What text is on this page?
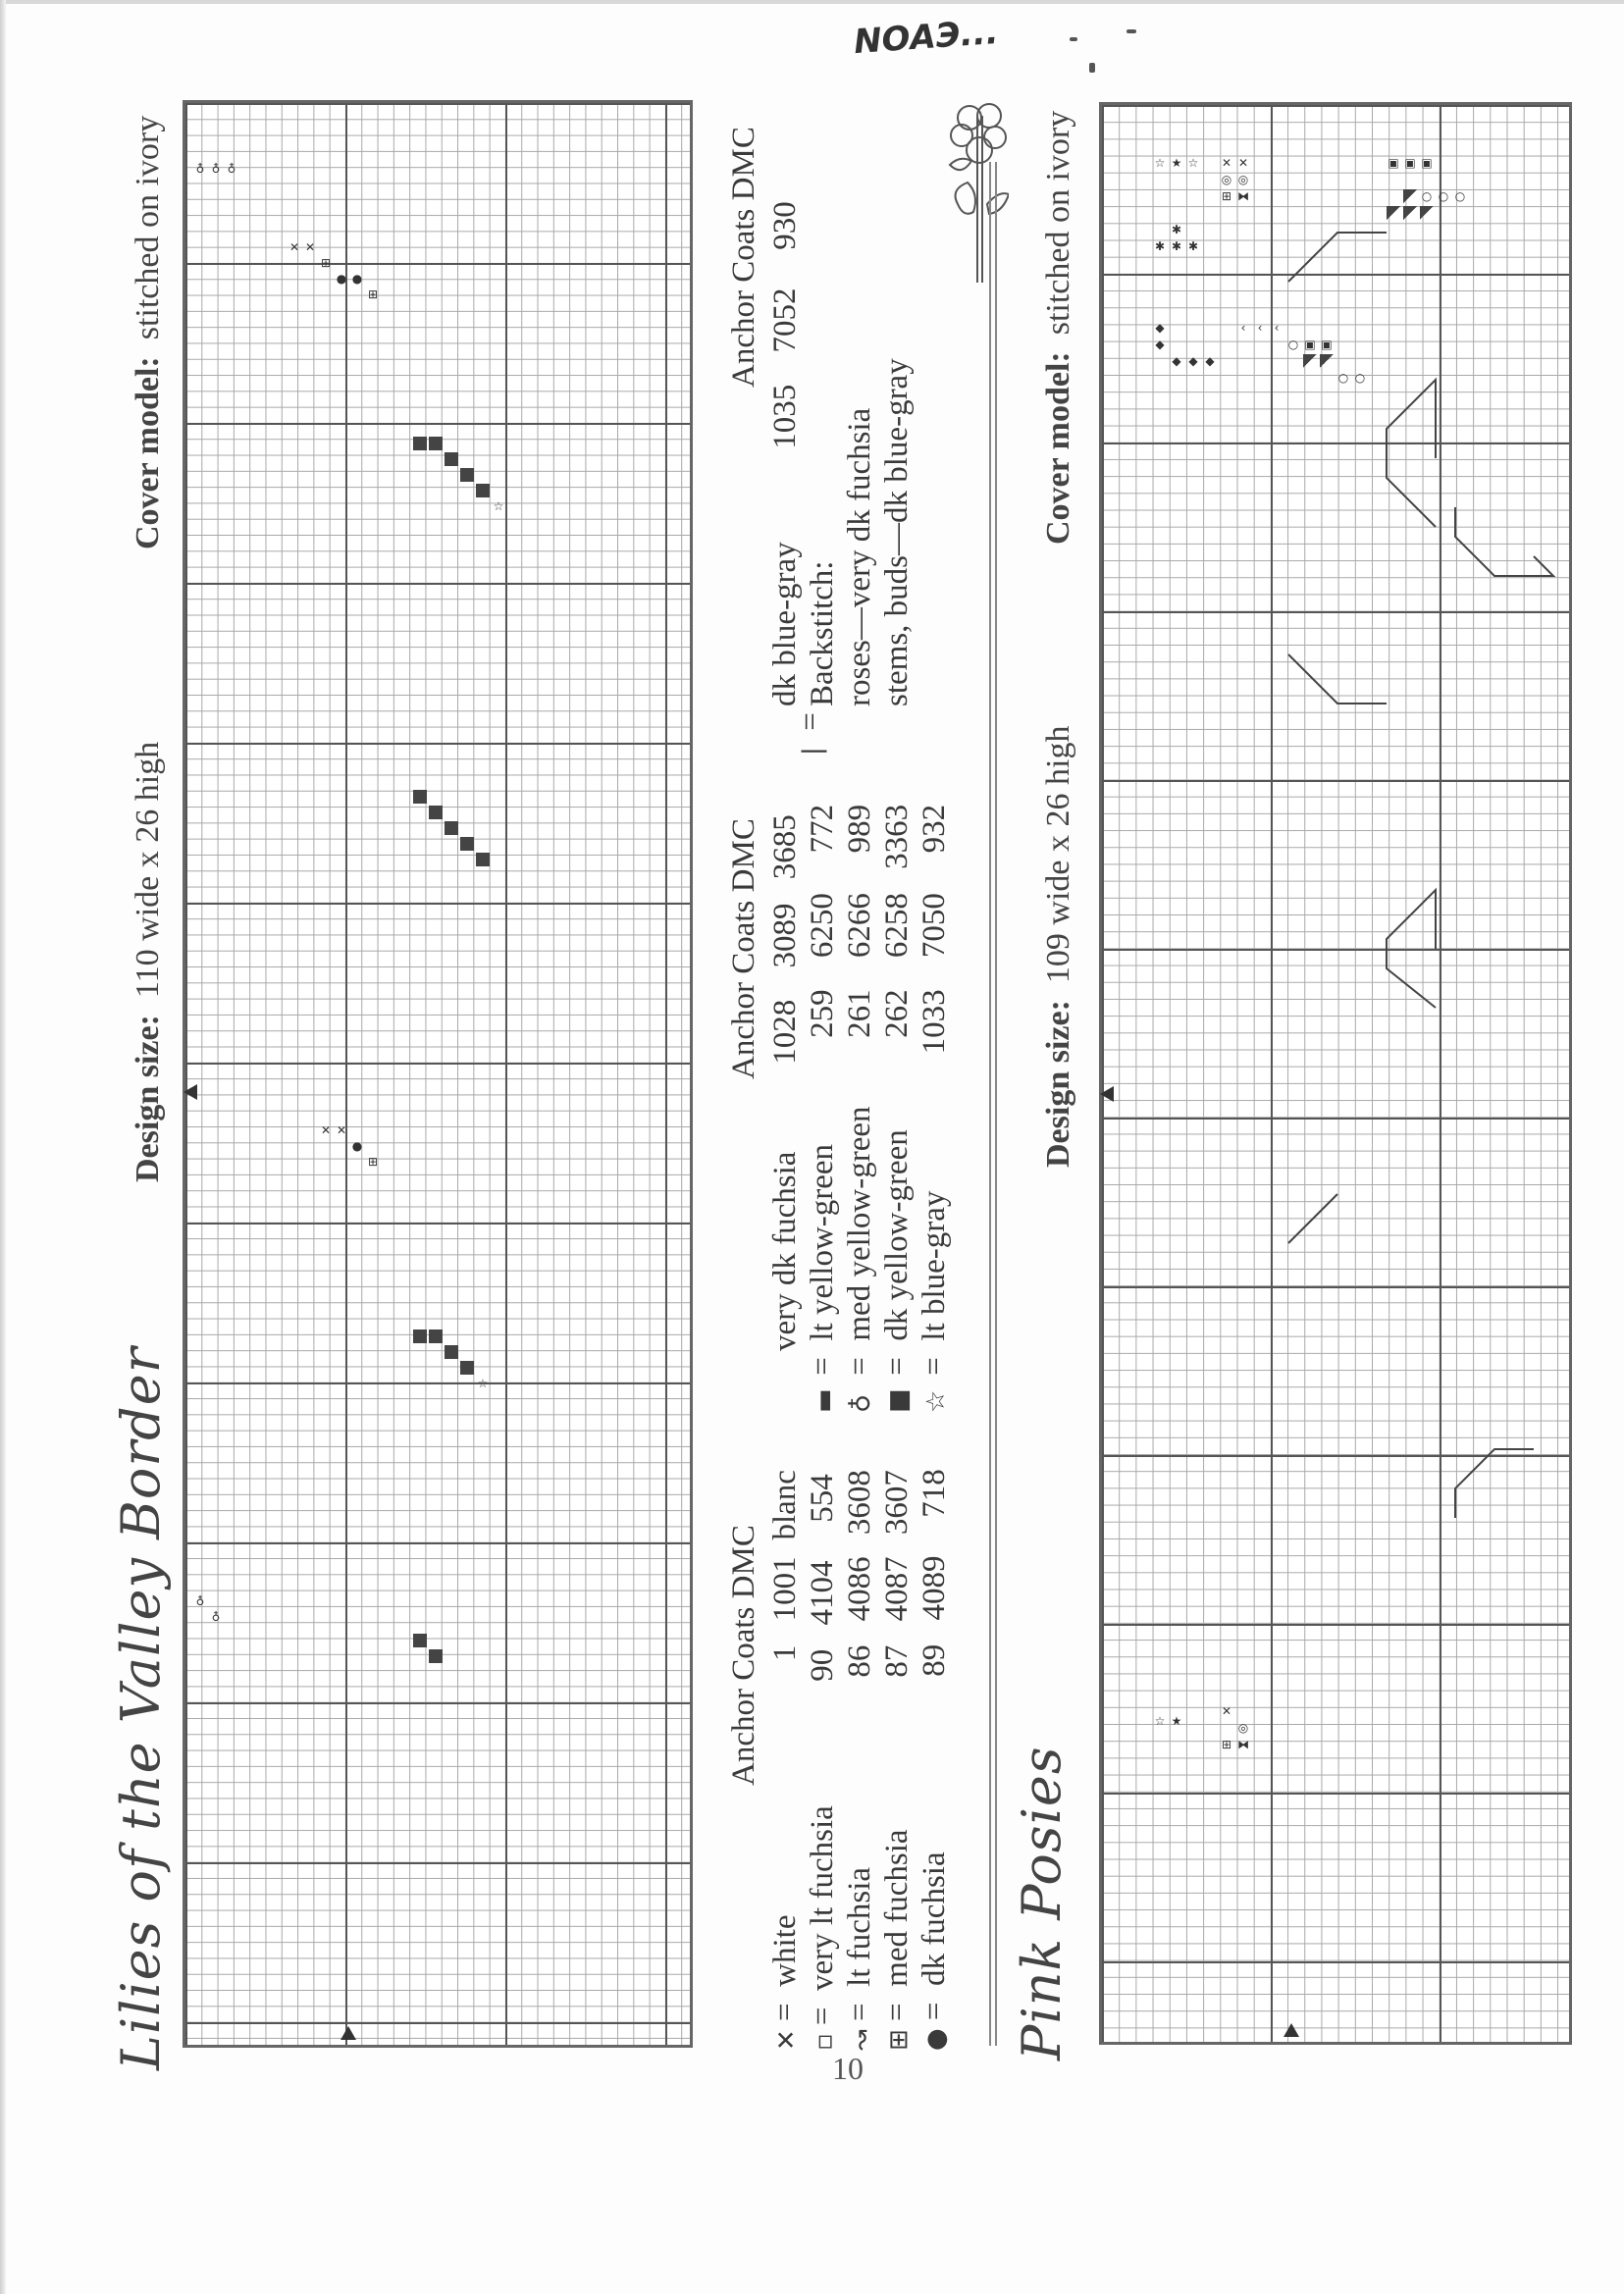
NOAЭ...
Lilies of the Valley Border
Design size:  110 wide x 26 high
Cover model:  stitched on ivory	♁ ♁ ♁
✕ ✕
⊞
● ●
⊞
☆
✕ ✕
●
⊞
☆
♁
♁
Anchor Coats DMC
Anchor Coats DMC
Anchor Coats DMC
✕ =  white 1 1001 blanc
▫ =  very lt fuchsia 90 4104 554
↝ =  lt fuchsia 86 4086 3608
⊞ =  med fuchsia 87 4087 3607
● =  dk fuchsia 89 4089 718
very dk fuchsia 1028 3089 3685
▬ =  lt yellow-green 259 6250 772
♁ =  med yellow-green 261 6266 989
■ =  dk yellow-green 262 6258 3363
☆ =  lt blue-gray 1033 7050 932
dk blue-gray 1035 7052 930
Backstitch: roses—very dk fuchsia stems, buds—dk blue-gray
|  =
Pink Posies
Design size:  109 wide x 26 high
Cover model:  stitched on ivory	☆ ★ ☆ ✕ ✕
◎ ◎
⊞ ⧓
✱
✱ ✱ ✱
▣ ▣ ▣
○ ○ ○
◆
◆
◆ ◆ ◆
‹	‹	‹
○ ▣ ▣
○ ○
✕
◎
⊞ ⧓
☆ ★
10
